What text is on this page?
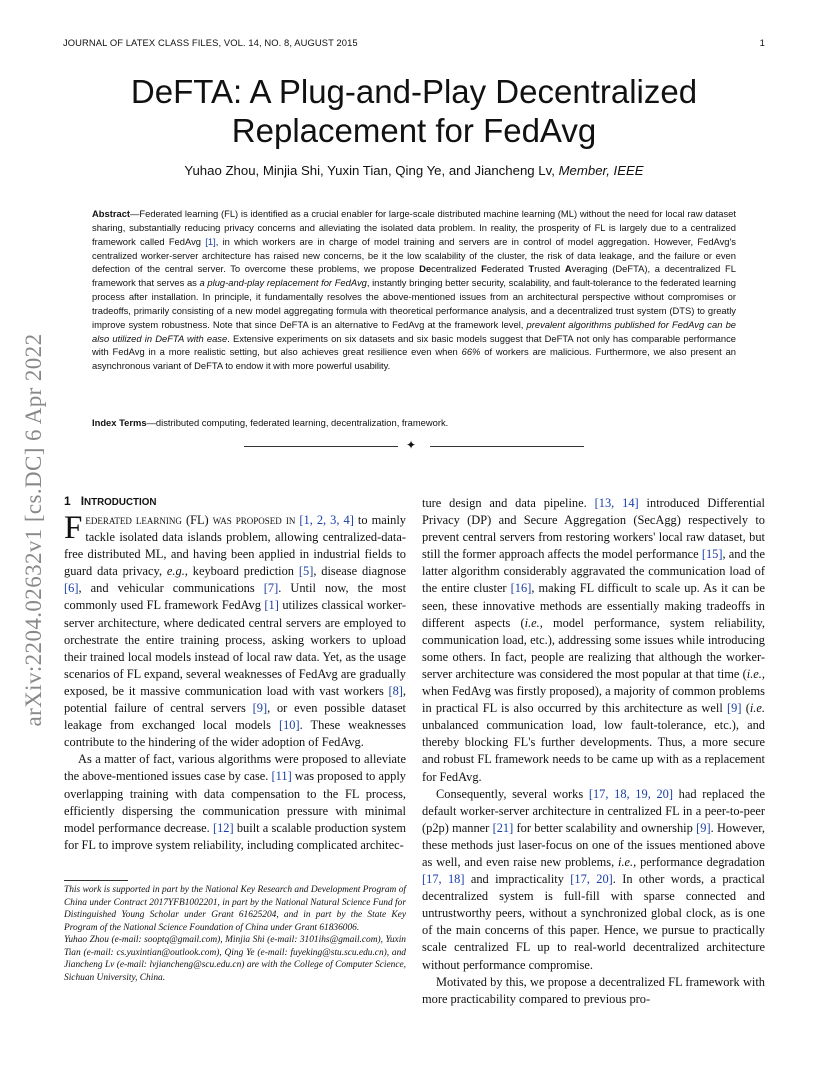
JOURNAL OF LATEX CLASS FILES, VOL. 14, NO. 8, AUGUST 2015	1
arXiv:2204.02632v1 [cs.DC] 6 Apr 2022
DeFTA: A Plug-and-Play Decentralized
Replacement for FedAvg
Yuhao Zhou, Minjia Shi, Yuxin Tian, Qing Ye, and Jiancheng Lv, Member, IEEE
Abstract—Federated learning (FL) is identified as a crucial enabler for large-scale distributed machine learning (ML) without the need for local raw dataset sharing, substantially reducing privacy concerns and alleviating the isolated data problem. In reality, the prosperity of FL is largely due to a centralized framework called FedAvg [1], in which workers are in charge of model training and servers are in control of model aggregation. However, FedAvg's centralized worker-server architecture has raised new concerns, be it the low scalability of the cluster, the risk of data leakage, and the failure or even defection of the central server. To overcome these problems, we propose Decentralized Federated Trusted Averaging (DeFTA), a decentralized FL framework that serves as a plug-and-play replacement for FedAvg, instantly bringing better security, scalability, and fault-tolerance to the federated learning process after installation. In principle, it fundamentally resolves the above-mentioned issues from an architectural perspective without compromises or tradeoffs, primarily consisting of a new model aggregating formula with theoretical performance analysis, and a decentralized trust system (DTS) to greatly improve system robustness. Note that since DeFTA is an alternative to FedAvg at the framework level, prevalent algorithms published for FedAvg can be also utilized in DeFTA with ease. Extensive experiments on six datasets and six basic models suggest that DeFTA not only has comparable performance with FedAvg in a more realistic setting, but also achieves great resilience even when 66% of workers are malicious. Furthermore, we also present an asynchronous variant of DeFTA to endow it with more powerful usability.
Index Terms—distributed computing, federated learning, decentralization, framework.
✦
1 INTRODUCTION

Federated learning (FL) was proposed in [1, 2, 3, 4] to mainly tackle isolated data islands problem, allowing centralized-data-free distributed ML, and having been applied in industrial fields to guard data privacy, e.g., keyboard prediction [5], disease diagnose [6], and vehicular communications [7]. Until now, the most commonly used FL framework FedAvg [1] utilizes classical worker-server architecture, where dedicated central servers are employed to orchestrate the entire training process, asking workers to upload their trained local models instead of local raw data. Yet, as the usage scenarios of FL expand, several weaknesses of FedAvg are gradually exposed, be it massive communication load with vast workers [8], potential failure of central servers [9], or even possible dataset leakage from exchanged local models [10]. These weaknesses contribute to the hindering of the wider adoption of FedAvg.

As a matter of fact, various algorithms were proposed to alleviate the above-mentioned issues case by case. [11] was proposed to apply overlapping training with data compensation to the FL process, efficiently dispersing the communication pressure with minimal model performance decrease. [12] built a scalable production system for FL to improve system reliability, including complicated architec-

This work is supported in part by the National Key Research and Development Program of China under Contract 2017YFB1002201, in part by the National Natural Science Fund for Distinguished Young Scholar under Grant 61625204, and in part by the State Key Program of the National Science Foundation of China under Grant 61836006.

Yuhao Zhou (e-mail: sooptq@gmail.com), Minjia Shi (e-mail: 3101ihs@gmail.com), Yuxin Tian (e-mail: cs.yuxintian@outlook.com), Qing Ye (e-mail: fuyeking@stu.scu.edu.cn), and Jiancheng Lv (e-mail: lvjiancheng@scu.edu.cn) are with the College of Computer Science, Sichuan University, China.

ture design and data pipeline. [13, 14] introduced Differential Privacy (DP) and Secure Aggregation (SecAgg) respectively to prevent central servers from restoring workers' local raw dataset, but still the former approach affects the model performance [15], and the latter algorithm considerably aggravated the communication load of the entire cluster [16], making FL difficult to scale up. As it can be seen, these innovative methods are essentially making tradeoffs in different aspects (i.e., model performance, system reliability, communication load, etc.), addressing some issues while introducing some others. In fact, people are realizing that although the worker-server architecture was considered the most popular at that time (i.e., when FedAvg was firstly proposed), a majority of common problems in practical FL is also occurred by this architecture as well [9] (i.e. unbalanced communication load, low fault-tolerance, etc.), and thereby blocking FL's further developments. Thus, a more secure and robust FL framework needs to be came up with as a replacement for FedAvg.

Consequently, several works [17, 18, 19, 20] had replaced the default worker-server architecture in centralized FL in a peer-to-peer (p2p) manner [21] for better scalability and ownership [9]. However, these methods just laser-focus on one of the issues mentioned above as well, and even raise new problems, i.e., performance degradation [17, 18] and impracticality [17, 20]. In other words, a practical decentralized system is full-fill with sparse connected and untrustworthy peers, without a synchronized global clock, as is one of the main concerns of this paper. Hence, we pursue to practically scale centralized FL up to real-world decentralized architecture without performance compromise.

Motivated by this, we propose a decentralized FL framework with more practicability compared to previous pro-
